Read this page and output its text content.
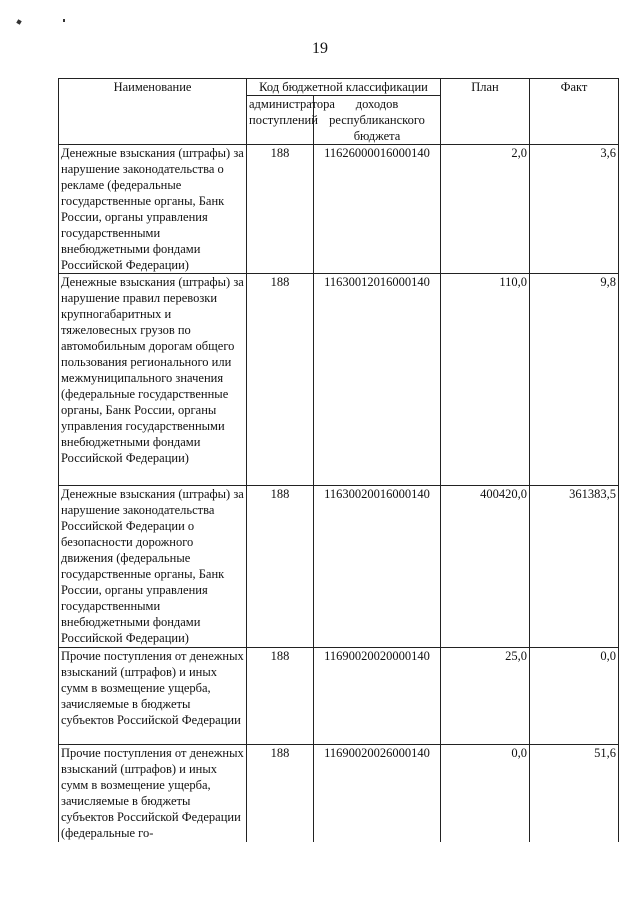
19
Наименование	Код бюджетной классификации		План	Факт
	администратора поступлений	доходов республиканского бюджета		
Денежные взыскания (штрафы) за нарушение законодательства о рекламе (федеральные государственные органы, Банк России, органы управления государственными внебюджетными фондами Российской Федерации)	188	11626000016000140	2,0	3,6
Денежные взыскания (штрафы) за нарушение правил перевозки крупногабаритных и тяжеловесных грузов по автомобильным дорогам общего пользования регионального или межмуниципального значения (федеральные государственные органы, Банк России, органы управления государственными внебюджетными фондами Российской Федерации)	188	11630012016000140	110,0	9,8
Денежные взыскания (штрафы) за нарушение законодательства Российской Федерации о безопасности дорожного движения (федеральные государственные органы, Банк России, органы управления государственными внебюджетными фондами Российской Федерации)	188	11630020016000140	400420,0	361383,5
Прочие поступления от денежных взысканий (штрафов) и иных сумм в возмещение ущерба, зачисляемые в бюджеты субъектов Российской Федерации	188	11690020020000140	25,0	0,0
Прочие поступления от денежных взысканий (штрафов) и иных сумм в возмещение ущерба, зачисляемые в бюджеты субъектов Российской Федерации (федеральные го-	188	11690020026000140	0,0	51,6
